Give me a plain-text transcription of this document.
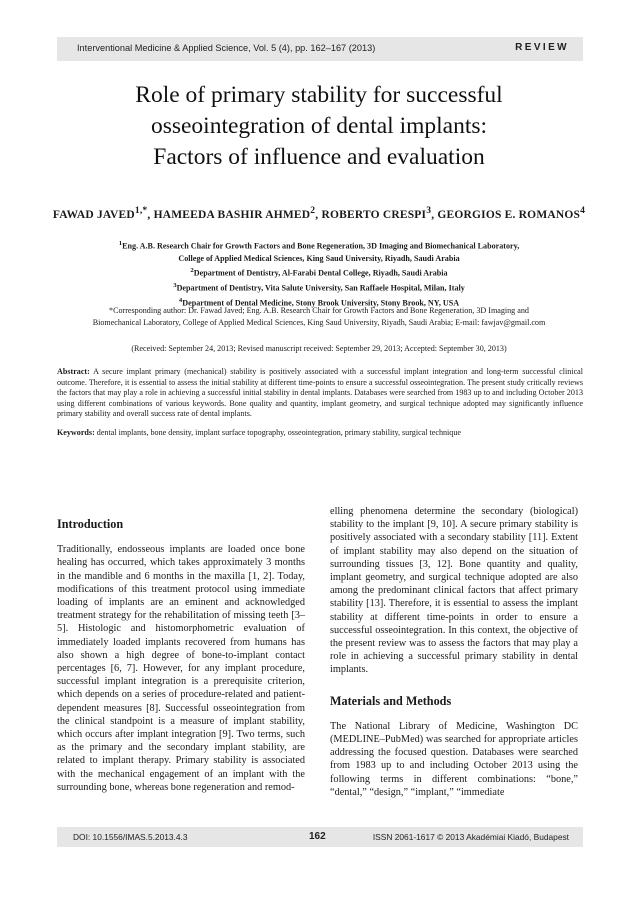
Interventional Medicine & Applied Science, Vol. 5 (4), pp. 162–167 (2013)	REVIEW
Role of primary stability for successful
osseointegration of dental implants:
Factors of influence and evaluation
FAWAD $JAVED^{1,*}$, HAMEEDA BASHIR AHMED$^2$, ROBERTO CRESPI$^3$, GEORGIOS E. ROMANOS$^4$
$^1$Eng. A.B. Research Chair for Growth Factors and Bone Regeneration, 3D Imaging and Biomechanical Laboratory,
College of Applied Medical Sciences, King Saud University, Riyadh, Saudi Arabia
$^2$Department of Dentistry, Al-Farabi Dental College, Riyadh, Saudi Arabia
$^3$Department of Dentistry, Vita Salute University, San Raffaele Hospital, Milan, Italy
$^4$Department of Dental Medicine, Stony Brook University, Stony Brook, NY, USA
*Corresponding author: Dr. Fawad Javed; Eng. A.B. Research Chair for Growth Factors and Bone Regeneration, 3D Imaging and
Biomechanical Laboratory, College of Applied Medical Sciences, King Saud University, Riyadh, Saudi Arabia; E-mail: fawjav@gmail.com
(Received: September 24, 2013; Revised manuscript received: September 29, 2013; Accepted: September 30, 2013)
Abstract: A secure implant primary (mechanical) stability is positively associated with a successful implant integration and long-term successful clinical outcome. Therefore, it is essential to assess the initial stability at different time-points to ensure a successful osseointegration. The present study critically reviews the factors that may play a role in achieving a successful initial stability in dental implants. Databases were searched from 1983 up to and including October 2013 using different combinations of various keywords. Bone quality and quantity, implant geometry, and surgical technique adopted may significantly influence primary stability and overall success rate of dental implants.
Keywords: dental implants, bone density, implant surface topography, osseointegration, primary stability, surgical technique
Introduction

Traditionally, endosseous implants are loaded once bone healing has occurred, which takes approximately 3 months in the mandible and 6 months in the maxilla [1, 2]. Today, modifications of this treatment protocol using immediate loading of implants are an eminent and acknowledged treatment strategy for the rehabilitation of missing teeth [3–5]. Histologic and histomorphometric evaluation of immediately loaded implants recovered from humans has also shown a high degree of bone-to-implant contact percentages [6, 7]. However, for any implant procedure, successful implant integration is a prerequisite criterion, which depends on a series of procedure-related and patient-dependent measures [8]. Successful osseointegration from the clinical standpoint is a measure of implant stability, which occurs after implant integration [9]. Two terms, such as the primary and the secondary implant stability, are related to implant therapy. Primary stability is associated with the mechanical engagement of an implant with the surrounding bone, whereas bone regeneration and remod-

elling phenomena determine the secondary (biological) stability to the implant [9, 10]. A secure primary stability is positively associated with a secondary stability [11]. Extent of implant stability may also depend on the situation of surrounding tissues [3, 12]. Bone quantity and quality, implant geometry, and surgical technique adopted are also among the predominant clinical factors that affect primary stability [13]. Therefore, it is essential to assess the implant stability at different time-points in order to ensure a successful osseointegration. In this context, the objective of the present review was to assess the factors that may play a role in achieving a successful primary stability in dental implants.

Materials and Methods

The National Library of Medicine, Washington DC (MEDLINE–PubMed) was searched for appropriate articles addressing the focused question. Databases were searched from 1983 up to and including October 2013 using the following terms in different combinations: “bone,” “dental,” “design,” “implant,” “immediate

DOI: 10.1556/IMAS.5.2013.4.3	162	ISSN 2061-1617 © 2013 Akadémiai Kiadó, Budapest
